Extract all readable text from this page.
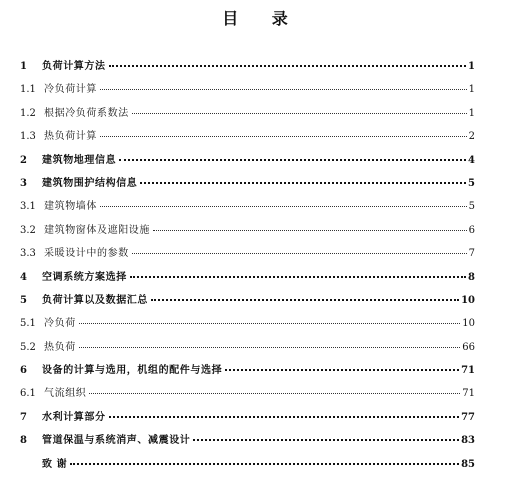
目 录
1	负荷计算方法	1
1.1 冷负荷计算	1
1.2 根据冷负荷系数法	1
1.3 热负荷计算	2
2	建筑物地理信息	4
3	建筑物围护结构信息	5
3.1 建筑物墙体	5
3.2 建筑物窗体及遮阳设施	6
3.3 采暖设计中的参数	7
4	空调系统方案选择	8
5	负荷计算以及数据汇总	10
5.1 冷负荷	10
5.2 热负荷	66
6	设备的计算与选用，机组的配件与选择	71
6.1 气流组织	71
7	水利计算部分	77
8	管道保温与系统消声、减震设计	83
致 谢	85
